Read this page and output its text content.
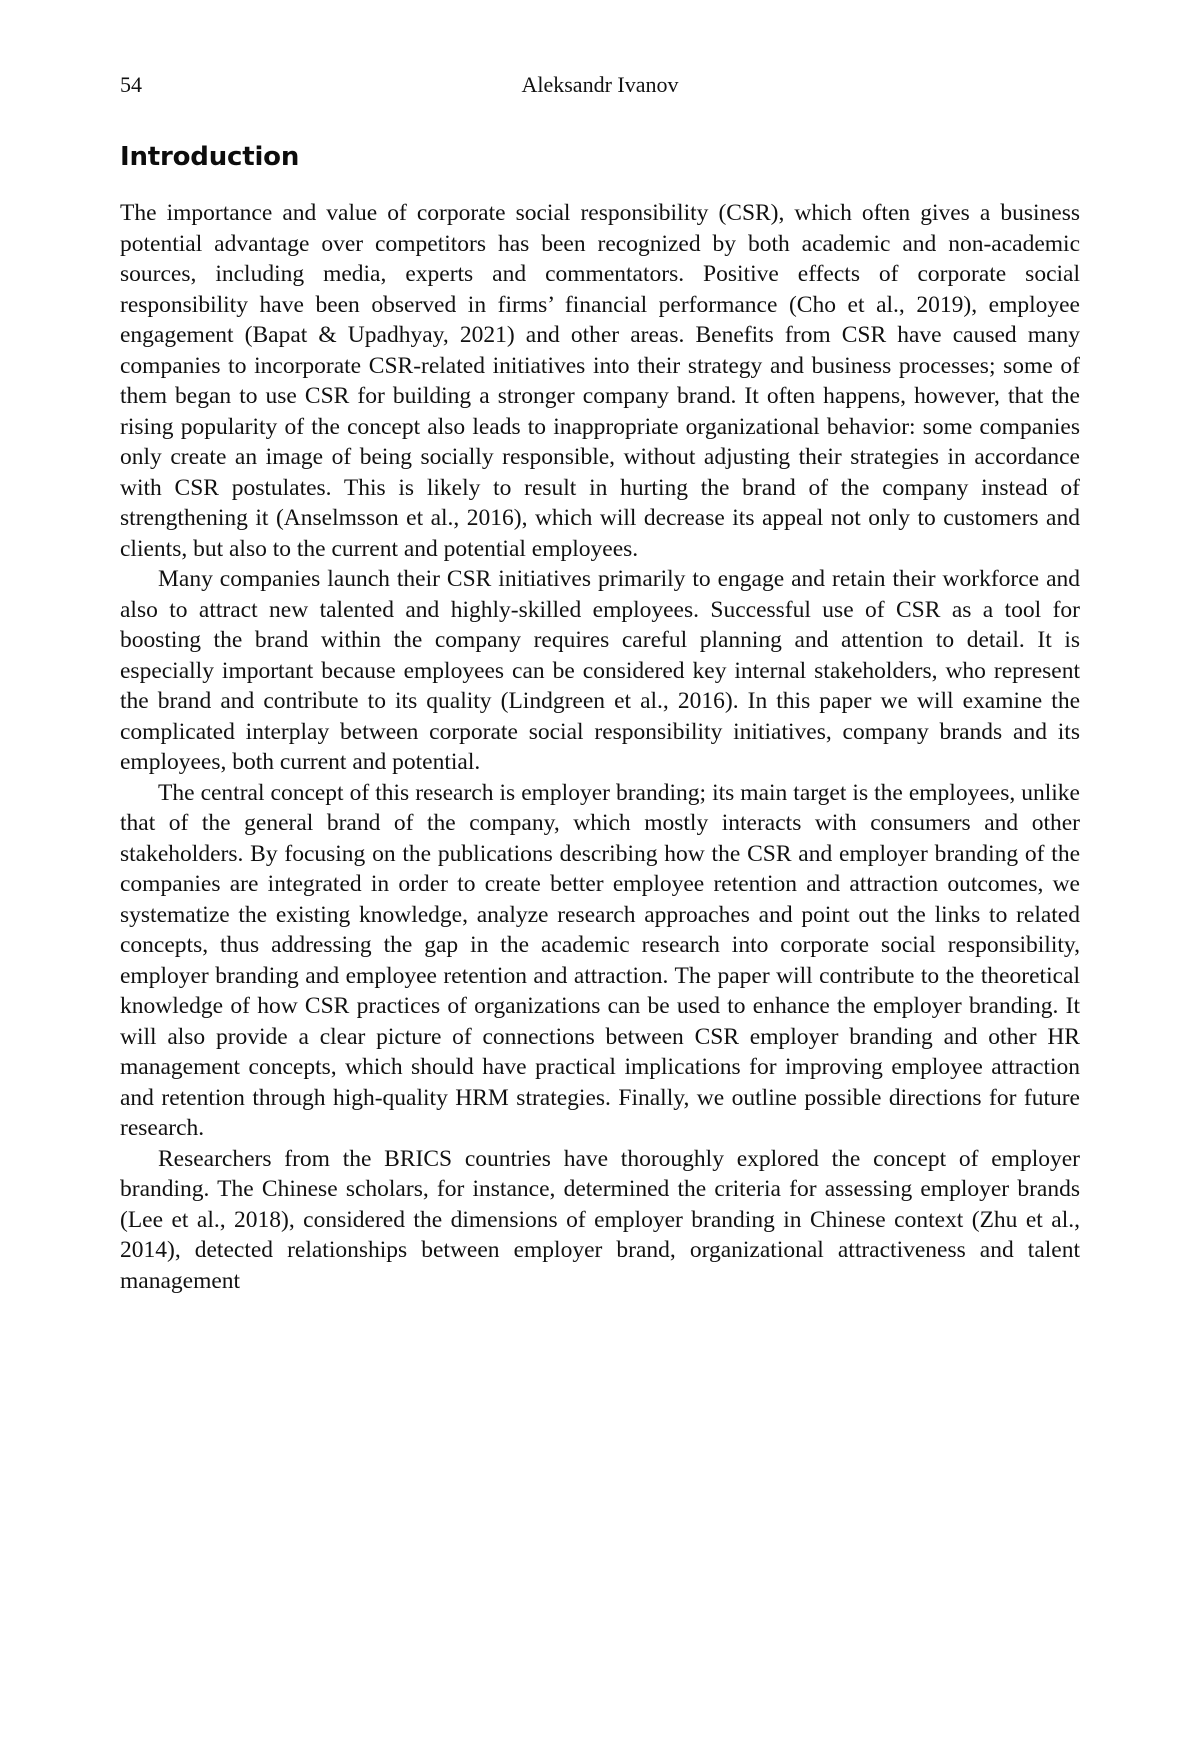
54	Aleksandr Ivanov
Introduction

The importance and value of corporate social responsibility (CSR), which often gives a business potential advantage over competitors has been recognized by both academic and non-academic sources, including media, experts and commentators. Positive effects of corporate social responsibility have been observed in firms’ financial performance (Cho et al., 2019), employee engagement (Bapat & Upadhyay, 2021) and other areas. Benefits from CSR have caused many companies to incorporate CSR-related initiatives into their strategy and business processes; some of them began to use CSR for building a stronger company brand. It often happens, however, that the rising popularity of the concept also leads to inappropriate organizational behavior: some companies only create an image of being socially responsible, without adjusting their strategies in accordance with CSR postulates. This is likely to result in hurting the brand of the company instead of strengthening it (Anselmsson et al., 2016), which will decrease its appeal not only to customers and clients, but also to the current and potential employees.

Many companies launch their CSR initiatives primarily to engage and retain their workforce and also to attract new talented and highly-skilled employees. Successful use of CSR as a tool for boosting the brand within the company requires careful planning and attention to detail. It is especially important because employees can be considered key internal stakeholders, who represent the brand and contribute to its quality (Lindgreen et al., 2016). In this paper we will examine the complicated interplay between corporate social responsibility initiatives, company brands and its employees, both current and potential.

The central concept of this research is employer branding; its main target is the employees, unlike that of the general brand of the company, which mostly interacts with consumers and other stakeholders. By focusing on the publications describing how the CSR and employer branding of the companies are integrated in order to create better employee retention and attraction outcomes, we systematize the existing knowledge, analyze research approaches and point out the links to related concepts, thus addressing the gap in the academic research into corporate social responsibility, employer branding and employee retention and attraction. The paper will contribute to the theoretical knowledge of how CSR practices of organizations can be used to enhance the employer branding. It will also provide a clear picture of connections between CSR employer branding and other HR management concepts, which should have practical implications for improving employee attraction and retention through high-quality HRM strategies. Finally, we outline possible directions for future research.

Researchers from the BRICS countries have thoroughly explored the concept of employer branding. The Chinese scholars, for instance, determined the criteria for assessing employer brands (Lee et al., 2018), considered the dimensions of employer branding in Chinese context (Zhu et al., 2014), detected relationships between employer brand, organizational attractiveness and talent management
